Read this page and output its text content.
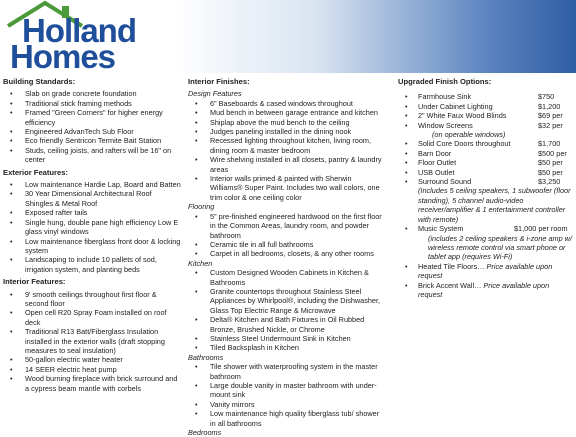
Holland
Homes
Building Standards:
• Slab on grade concrete foundation
• Traditional stick framing methods
• Framed "Green Corners" for higher energy efficiency
• Engineered AdvanTech Sub Floor
• Eco friendly Sentricon Termite Bait Station
• Studs, ceiling joists, and rafters will be 16" on center
Exterior Features:
• Low maintenance Hardie Lap, Board and Batten
• 30 Year Dimensional Architectural Roof Shingles & Metal Roof
• Exposed rafter tails
• Single hung, double pane high efficiency Low E glass vinyl windows
• Low maintenance fiberglass front door & locking system
• Landscaping to include 10 pallets of sod, irrigation system, and planting beds
Interior Features:
• 9' smooth ceilings throughout first floor & second floor
• Open cell R20 Spray Foam installed on roof deck
• Traditional R13 Batt/Fiberglass Insulation installed in the exterior walls (draft stopping measures to seal insulation)
• 50-gallon electric water heater
• 14 SEER electric heat pump
• Wood burning fireplace with brick surround and a cypress beam mantle with corbels
Interior Finishes:
Design Features
• 6" Baseboards & cased windows throughout
• Mud bench in between garage entrance and kitchen
• Shiplap above the mud bench to the ceiling
• Judges paneling installed in the dining nook
• Recessed lighting throughout kitchen, living room, dining room & master bedroom
• Wire shelving installed in all closets, pantry & laundry areas
• Interior walls primed & painted with Sherwin Williams® Super Paint. Includes two wall colors, one trim color & one ceiling color
Flooring
• 5" pre-finished engineered hardwood on the first floor in the Common Areas, laundry room, and powder bathroom
• Ceramic tile in all full bathrooms
• Carpet in all bedrooms, closets, & any other rooms
Kitchen
• Custom Designed Wooden Cabinets in Kitchen & Bathrooms
• Granite countertops throughout Stainless Steel Appliances by Whirlpool®, including the Dishwasher, Glass Top Electric Range & Microwave
• Delta® Kitchen and Bath Fixtures in Oil Rubbed Bronze, Brushed Nickle, or Chrome
• Stainless Steel Undermount Sink in Kitchen
• Tiled Backsplash in Kitchen
Bathrooms
• Tile shower with waterproofing system in the master bathroom
• Large double vanity in master bathroom with under-mount sink
• Vanity mirrors
• Low maintenance high quality fiberglass tub/ shower in all bathrooms
Bedrooms
Upgraded Finish Options:
• Farmhouse Sink	$750
• Under Cabinet Lighting	$1,200
• 2" White Faux Wood Blinds	$69 per
• Window Screens	$32 per
(on operable windows)
• Solid Core Doors throughout	$1,700
• Barn Door	$500 per
• Floor Outlet	$50 per
• USB Outlet	$50 per
• Surround Sound	$3,250
(Includes 5 ceiling speakers, 1 subwoofer (floor standing), 5 channel audio-video receiver/amplifier & 1 entertainment controller with remote)
• Music System	$1,000 per room
(includes 2 ceiling speakers & i-zone amp w/ wireless remote control via smart phone or tablet app (requires Wi-Fi)
• Heated Tile Floors… Price available upon request
• Brick Accent Wall… Price available upon request
